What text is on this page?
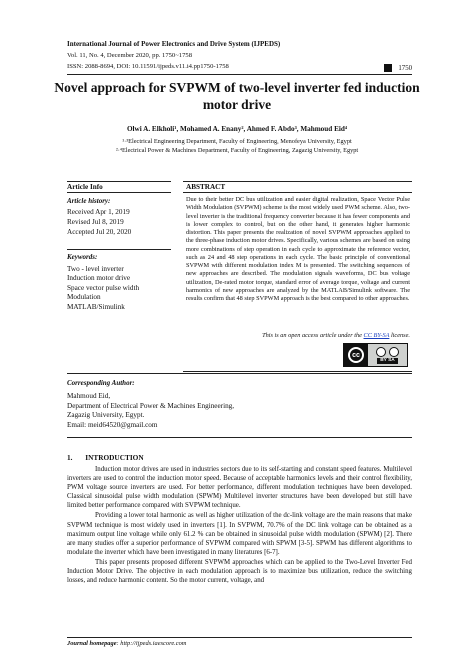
International Journal of Power Electronics and Drive System (IJPEDS)
Vol. 11, No. 4, December 2020, pp. 1750~1758
ISSN: 2088-8694, DOI: 10.11591/ijpeds.v11.i4.pp1750-1758	1750
Novel approach for SVPWM of two-level inverter fed induction motor drive
Olwi A. Elkholi¹, Mohamed A. Enany², Ahmed F. Abdo³, Mahmoud Eid⁴
¹·³Electrical Engineering Department, Faculty of Engineering, Menofeya University, Egypt
²·⁴Electrical Power & Machines Department, Faculty of Engineering, Zagazig University, Egypt
Article Info	ABSTRACT
Article history:
Received Apr 1, 2019
Revised Jul 8, 2019
Accepted Jul 20, 2020
Keywords:
Two - level inverter
Induction motor drive
Space vector pulse width
Modulation
MATLAB/Simulink
Due to their better DC bus utilization and easier digital realization, Space Vector Pulse Width Modulation (SVPWM) scheme is the most widely used PWM scheme. Also, two-level inverter is the traditional frequency converter because it has fewer components and is lower complex to control, but on the other hand, it generates higher harmonic distortion. This paper presents the realization of novel SVPWM approaches applied to the three-phase induction motor drives. Specifically, various schemes are based on using more combinations of step operation in each cycle to approximate the reference vector, such as 24 and 48 step operations in each cycle. The basic principle of conventional SVPWM with different modulation index M is presented. The switching sequences of new approaches are described. The modulation signals waveforms, DC bus voltage utilization, De-rated motor torque, standard error of average torque, voltage and current harmonics of new approaches are analyzed by the MATLAB/Simulink software. The results confirm that 48 step SVPWM approach is the best compared to other approaches.
This is an open access article under the CC BY-SA license.
cc
BY SA
Corresponding Author:
Mahmoud Eid,
Department of Electrical Power & Machines Engineering,
Zagazig University, Egypt.
Email: meid64520@gmail.com
1.       INTRODUCTION

Induction motor drives are used in industries sectors due to its self-starting and constant speed features. Multilevel inverters are used to control the induction motor speed. Because of acceptable harmonics levels and their control flexibility, PWM voltage source inverters are used. For better performance, different modulation techniques have been developed. Classical sinusoidal pulse width modulation (SPWM) Multilevel inverter structures have been developed but still have limited better performance compared with SVPWM technique.

Providing a lower total harmonic as well as higher utilization of the dc-link voltage are the main reasons that make SVPWM technique is most widely used in inverters [1]. In SVPWM, 70.7% of the DC link voltage can be obtained as a maximum output line voltage while only 61.2 % can be obtained in sinusoidal pulse width modulation (SPWM) [2]. There are many studies offer a superior performance of SVPWM compared with SPWM [3-5]. SPWM has different algorithms to modulate the inverter which have been investigated in many literatures [6-7].

This paper presents proposed different SVPWM approaches which can be applied to the Two-Level Inverter Fed Induction Motor Drive. The objective in each modulation approach is to maximize bus utilization, reduce the switching losses, and reduce harmonic content. So the motor current, voltage, and

Journal homepage: http://ijpeds.iaescore.com
